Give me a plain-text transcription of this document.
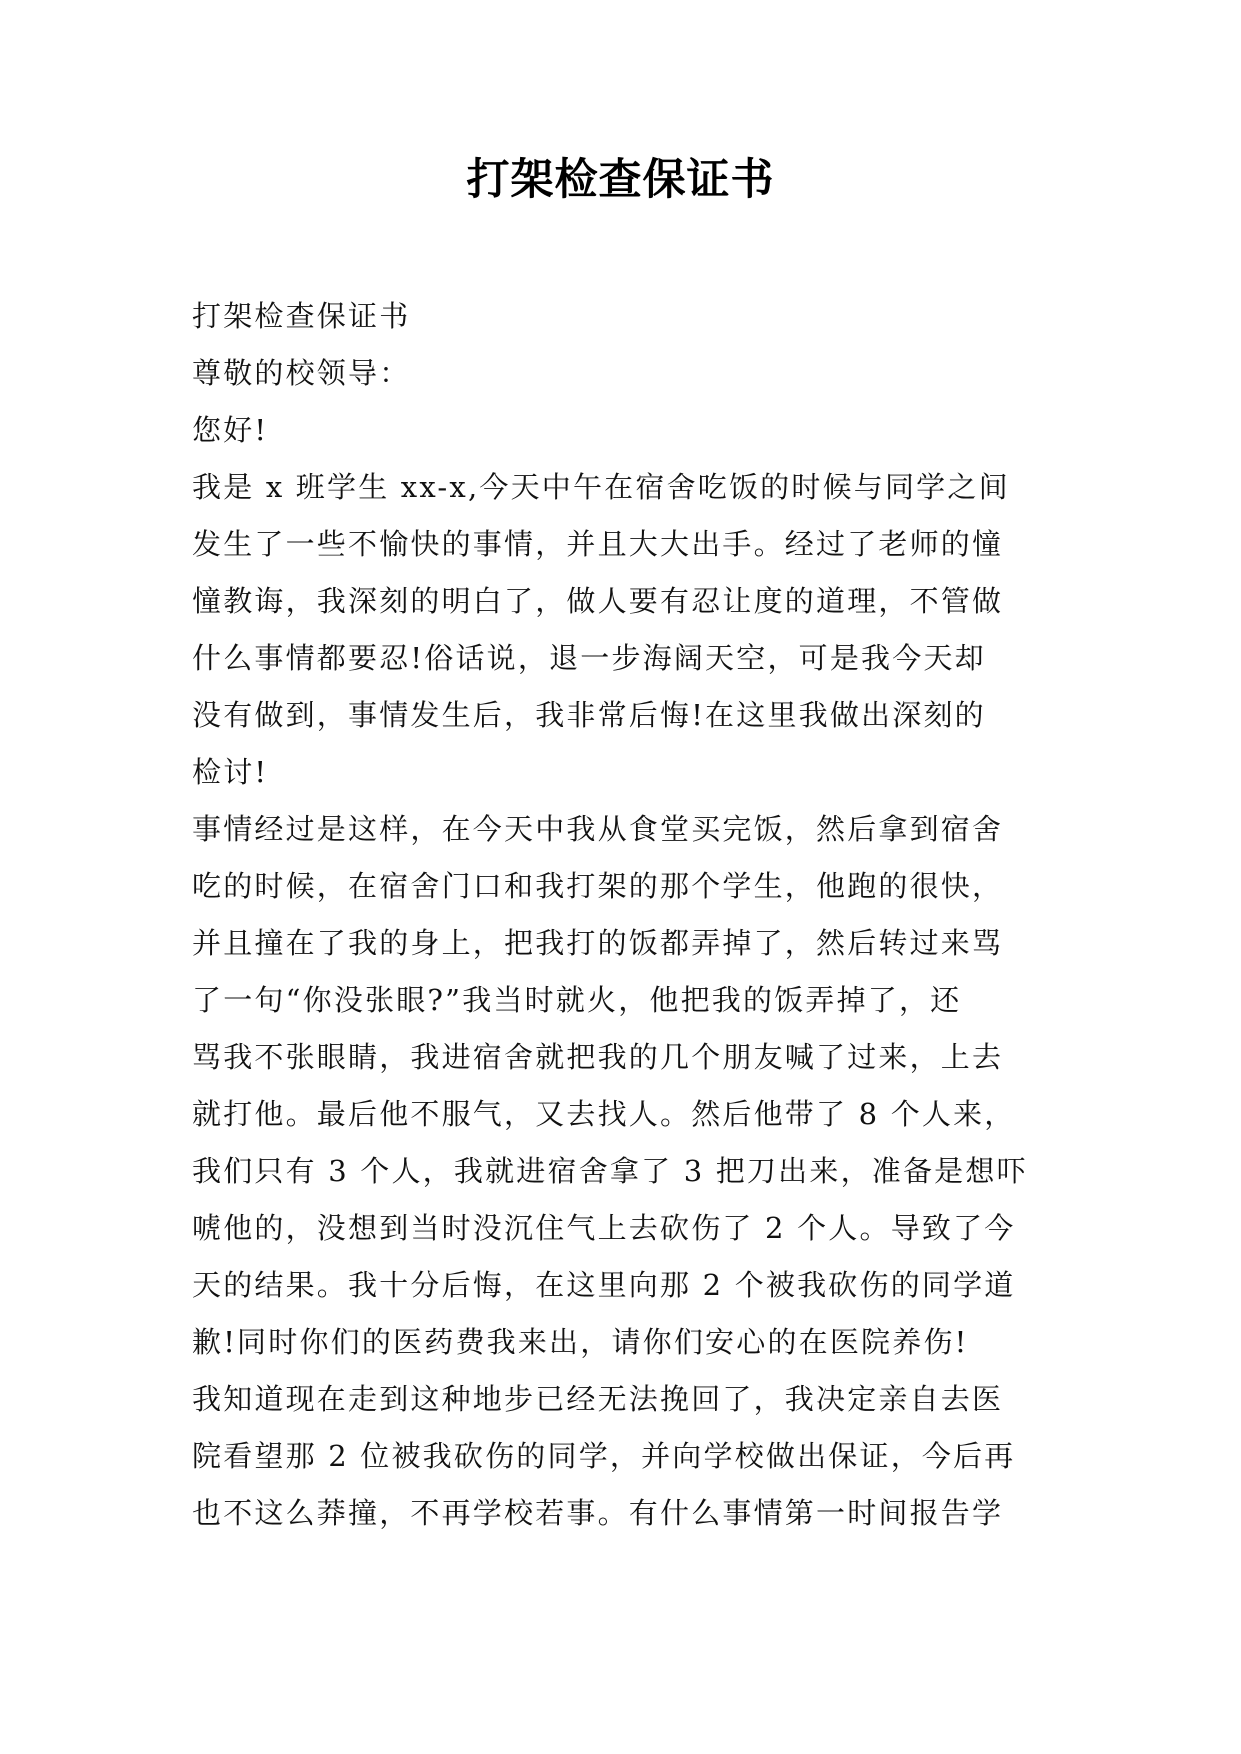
打架检查保证书
打架检查保证书
尊敬的校领导：
您好!
我是 x 班学生 xx-x,今天中午在宿舍吃饭的时候与同学之间
发生了一些不愉快的事情，并且大大出手。经过了老师的憧
憧教诲，我深刻的明白了，做人要有忍让度的道理，不管做
什么事情都要忍!俗话说，退一步海阔天空，可是我今天却
没有做到，事情发生后，我非常后悔!在这里我做出深刻的
检讨!
事情经过是这样，在今天中我从食堂买完饭，然后拿到宿舍
吃的时候，在宿舍门口和我打架的那个学生，他跑的很快，
并且撞在了我的身上，把我打的饭都弄掉了，然后转过来骂
了一句“你没张眼?”我当时就火，他把我的饭弄掉了，还
骂我不张眼睛，我进宿舍就把我的几个朋友喊了过来，上去
就打他。最后他不服气，又去找人。然后他带了 8 个人来，
我们只有 3 个人，我就进宿舍拿了 3 把刀出来，准备是想吓
唬他的，没想到当时没沉住气上去砍伤了 2 个人。导致了今
天的结果。我十分后悔，在这里向那 2 个被我砍伤的同学道
歉!同时你们的医药费我来出，请你们安心的在医院养伤!
我知道现在走到这种地步已经无法挽回了，我决定亲自去医
院看望那 2 位被我砍伤的同学，并向学校做出保证，今后再
也不这么莽撞，不再学校若事。有什么事情第一时间报告学
